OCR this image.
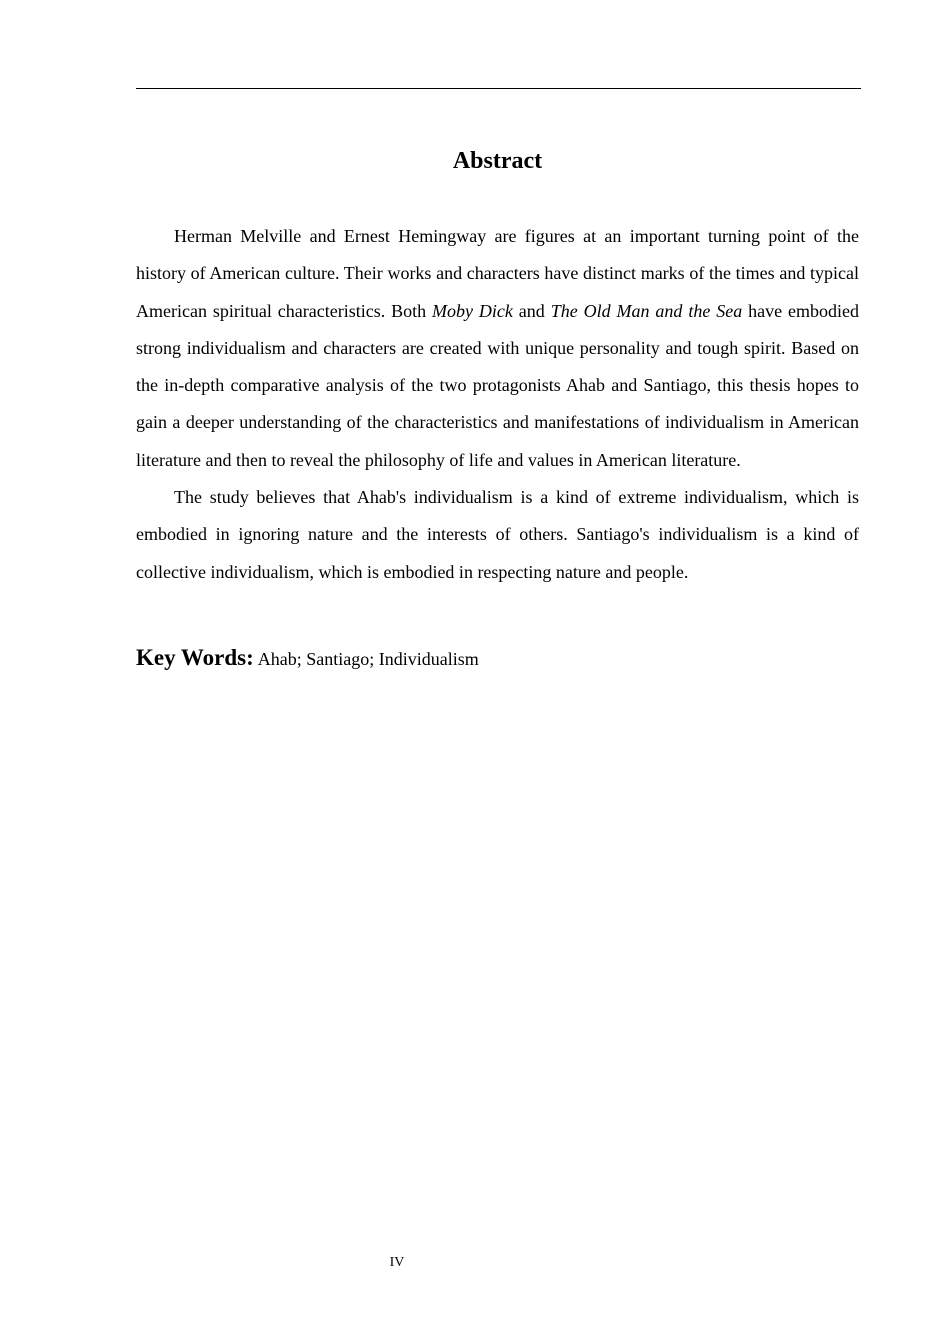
Abstract

Herman Melville and Ernest Hemingway are figures at an important turning point of the history of American culture. Their works and characters have distinct marks of the times and typical American spiritual characteristics. Both Moby Dick and The Old Man and the Sea have embodied strong individualism and characters are created with unique personality and tough spirit. Based on the in-depth comparative analysis of the two protagonists Ahab and Santiago, this thesis hopes to gain a deeper understanding of the characteristics and manifestations of individualism in American literature and then to reveal the philosophy of life and values in American literature.

The study believes that Ahab's individualism is a kind of extreme individualism, which is embodied in ignoring nature and the interests of others. Santiago's individualism is a kind of collective individualism, which is embodied in respecting nature and people.

Key Words: Ahab; Santiago; Individualism

IV
